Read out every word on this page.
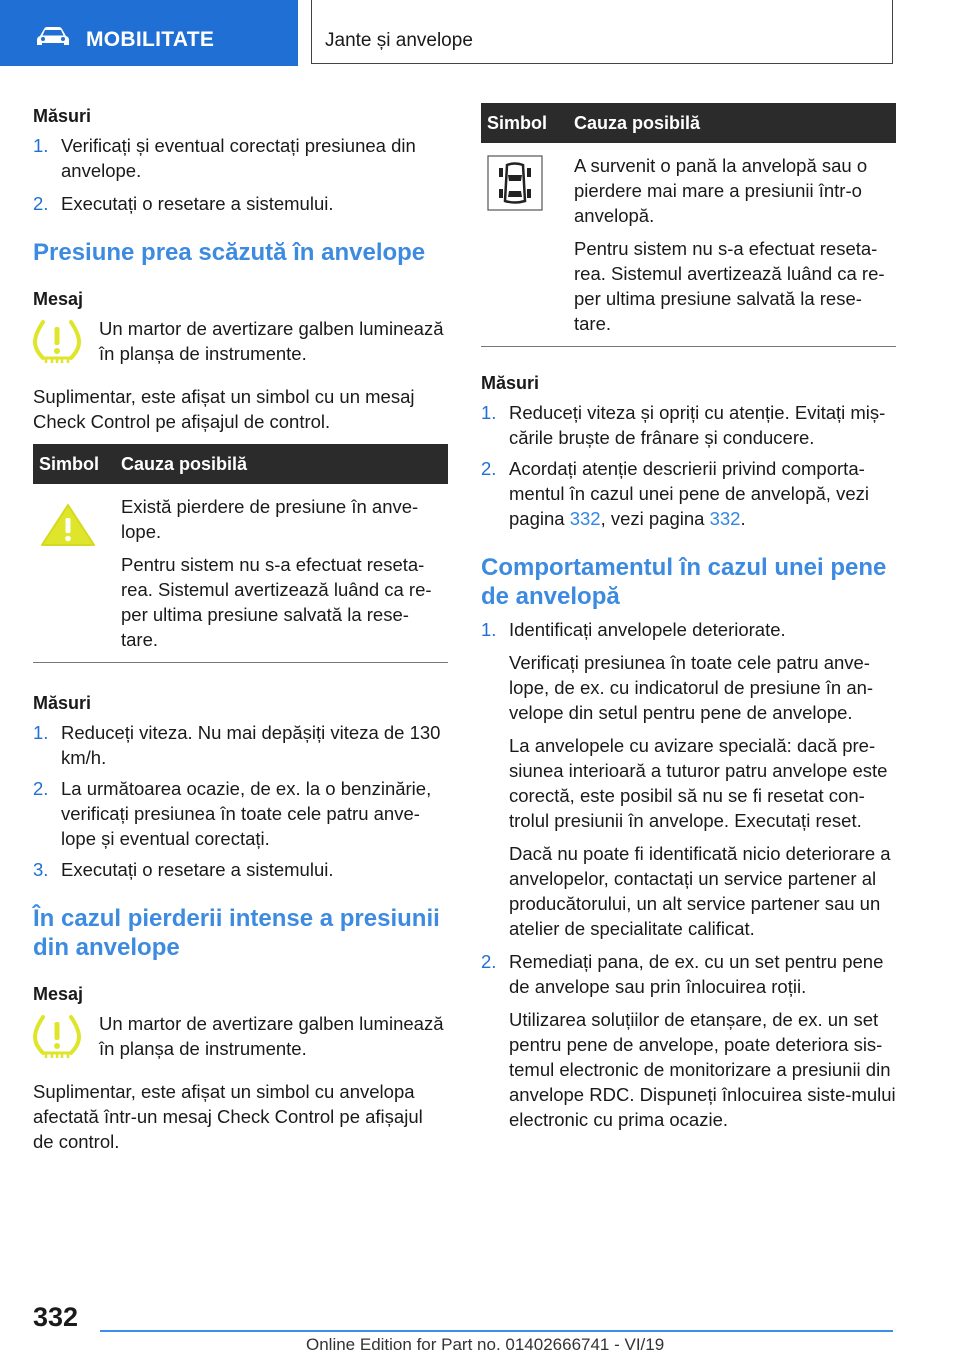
MOBILITATE	Jante și anvelope

Măsuri

1. Verificați și eventual corectați presiunea din anvelope.
2. Executați o resetare a sistemului.
Presiune prea scăzută în anvelope

Mesaj

Un martor de avertizare galben luminează în planșa de instrumente.

Suplimentar, este afișat un simbol cu un mesaj Check Control pe afișajul de control.

Simbol	Cauza posibilă

Există pierdere de presiune în anve-lope.

Pentru sistem nu s-a efectuat reseta-rea. Sistemul avertizează luând ca re-per ultima presiune salvată la rese-tare.

Măsuri

1. Reduceți viteza. Nu mai depășiți viteza de 130 km/h.
2. La următoarea ocazie, de ex. la o benzinărie, verificați presiunea în toate cele patru anve-lope și eventual corectați.
3. Executați o resetare a sistemului.
În cazul pierderii intense a presiunii din anvelope

Mesaj

Un martor de avertizare galben luminează în planșa de instrumente.

Suplimentar, este afișat un simbol cu anvelopa afectată într-un mesaj Check Control pe afișajul de control.

Simbol	Cauza posibilă

A survenit o pană la anvelopă sau o pierdere mai mare a presiunii într-o anvelopă.

Pentru sistem nu s-a efectuat reseta-rea. Sistemul avertizează luând ca re-per ultima presiune salvată la rese-tare.

Măsuri

1. Reduceți viteza și opriți cu atenție. Evitați miș-cările bruște de frânare și conducere.
2. Acordați atenție descrierii privind comporta-mentul în cazul unei pene de anvelopă, vezi pagina 332, vezi pagina 332.
Comportamentul în cazul unei pene de anvelopă
1. Identificați anvelopele deteriorate.

Verificați presiunea în toate cele patru anve-lope, de ex. cu indicatorul de presiune în an-velope din setul pentru pene de anvelope.

La anvelopele cu avizare specială: dacă pre-siunea interioară a tuturor patru anvelope este corectă, este posibil să nu se fi resetat con-trolul presiunii în anvelope. Executați reset.

Dacă nu poate fi identificată nicio deteriorare a anvelopelor, contactați un service partener al producătorului, un alt service partener sau un atelier de specialitate calificat.

2. Remediați pana, de ex. cu un set pentru pene de anvelope sau prin înlocuirea roții.

Utilizarea soluțiilor de etanșare, de ex. un set pentru pene de anvelope, poate deteriora sis-temul electronic de monitorizare a presiunii din anvelope RDC. Dispuneți înlocuirea siste-mului electronic cu prima ocazie.

332
Online Edition for Part no. 01402666741 - VI/19
